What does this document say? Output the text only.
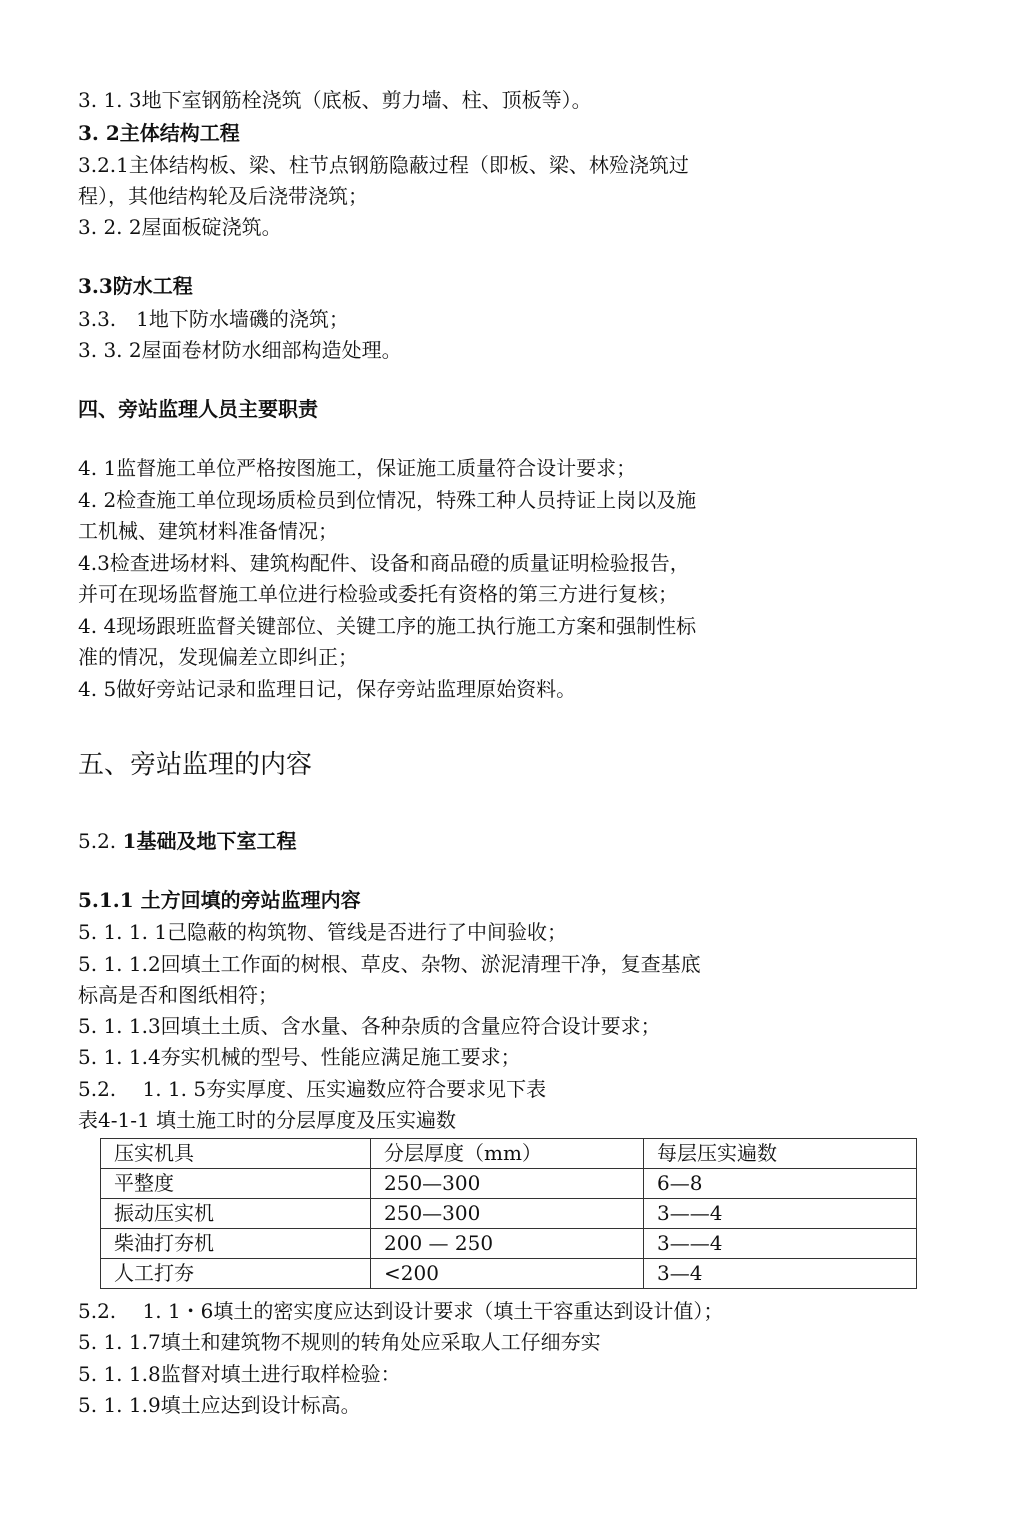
3. 1. 3地下室钢筋栓浇筑（底板、剪力墙、柱、顶板等）。

3. 2主体结构工程

3.2.1主体结构板、梁、柱节点钢筋隐蔽过程（即板、梁、林殓浇筑过

程），其他结构轮及后浇带浇筑；

3. 2. 2屋面板碇浇筑。

3.3防水工程

3.3.　1地下防水墙磯的浇筑；

3. 3. 2屋面卷材防水细部构造处理。

四、旁站监理人员主要职责

4. 1监督施工单位严格按图施工，保证施工质量符合设计要求；

4. 2检查施工单位现场质检员到位情况，特殊工种人员持证上岗以及施

工机械、建筑材料准备情况；

4.3检查进场材料、建筑构配件、设备和商品磴的质量证明检验报告，

并可在现场监督施工单位进行检验或委托有资格的第三方进行复核；

4. 4现场跟班监督关键部位、关键工序的施工执行施工方案和强制性标

准的情况，发现偏差立即纠正；

4. 5做好旁站记录和监理日记，保存旁站监理原始资料。

五、旁站监理的内容

5.2. 1基础及地下室工程

5.1.1 土方回填的旁站监理内容

5. 1. 1. 1己隐蔽的构筑物、管线是否进行了中间验收；

5. 1. 1.2回填土工作面的树根、草皮、杂物、淤泥清理干净，复查基底

标高是否和图纸相符；

5. 1. 1.3回填土土质、含水量、各种杂质的含量应符合设计要求；

5. 1. 1.4夯实机械的型号、性能应满足施工要求；

5.2.　 1. 1. 5夯实厚度、压实遍数应符合要求见下表

表4-1-1 填土施工时的分层厚度及压实遍数

压实机具	分层厚度（mm）	每层压实遍数
平整度	250—300	6—8
振动压实机	250—300	3——4
柴油打夯机	200 — 250	3——4
人工打夯	<200	3—4

5.2.　 1. 1・6填土的密实度应达到设计要求（填土干容重达到设计值）；

5. 1. 1.7填土和建筑物不规则的转角处应采取人工仔细夯实

5. 1. 1.8监督对填土进行取样检验：

5. 1. 1.9填土应达到设计标高。
